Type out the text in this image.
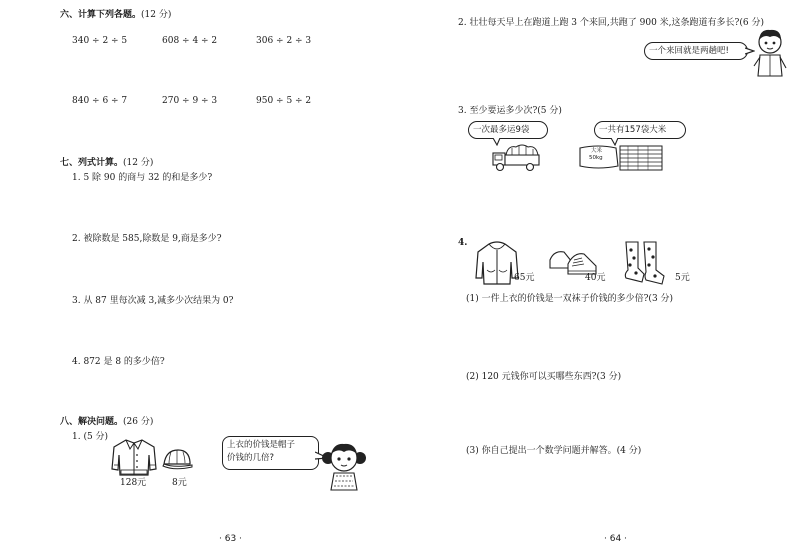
六、计算下列各题。(12 分)
340 ÷ 2 ÷ 5	608 ÷ 4 ÷ 2	306 ÷ 2 ÷ 3
840 ÷ 6 ÷ 7	270 ÷ 9 ÷ 3	950 ÷ 5 ÷ 2
七、列式计算。(12 分)
1. 5 除 90 的商与 32 的和是多少?
2. 被除数是 585,除数是 9,商是多少?
3. 从 87 里每次减 3,减多少次结果为 0?
4. 872 是 8 的多少倍?
八、解决问题。(26 分)
1. (5 分)
128元	8元
上衣的价钱是帽子
价钱的几倍?
· 63 ·
2. 壮壮每天早上在跑道上跑 3 个来回,共跑了 900 米,这条跑道有多长?(6 分)
一个来回就是两趟吧!
3. 至少要运多少次?(5 分)
一次最多运9袋	一共有157袋大米
大米
50kg
4.
65元	40元	5元
(1) 一件上衣的价钱是一双袜子价钱的多少倍?(3 分)
(2) 120 元钱你可以买哪些东西?(3 分)
(3) 你自己提出一个数学问题并解答。(4 分)
· 64 ·
